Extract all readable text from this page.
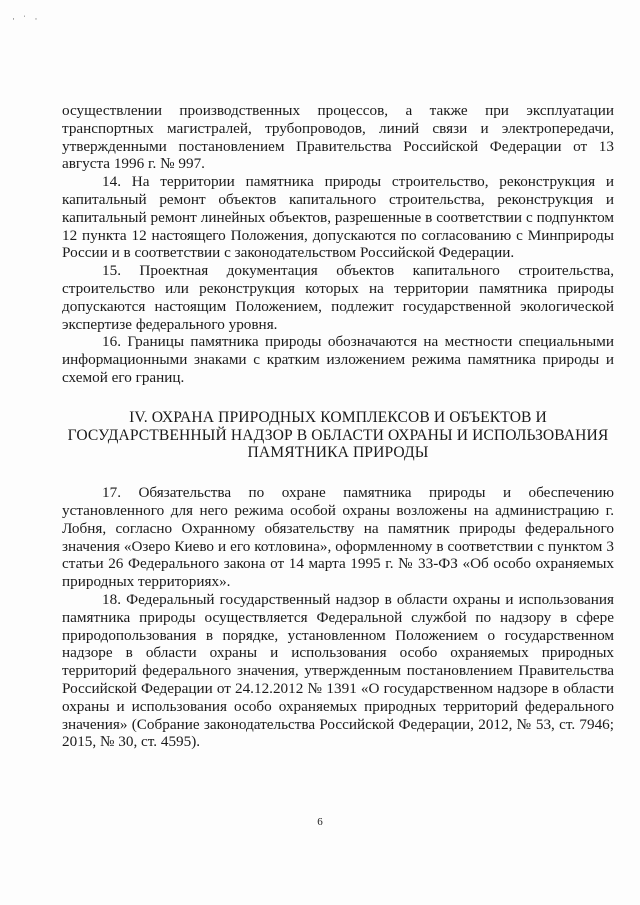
· ˈ ·

осуществлении производственных процессов, а также при эксплуатации транспортных магистралей, трубопроводов, линий связи и электропередачи, утвержденными постановлением Правительства Российской Федерации от 13 августа 1996 г. № 997.

14. На территории памятника природы строительство, реконструкция и капитальный ремонт объектов капитального строительства, реконструкция и капитальный ремонт линейных объектов, разрешенные в соответствии с подпунктом 12 пункта 12 настоящего Положения, допускаются по согласованию с Минприроды России и в соответствии с законодательством Российской Федерации.

15. Проектная документация объектов капитального строительства, строительство или реконструкция которых на территории памятника природы допускаются настоящим Положением, подлежит государственной экологической экспертизе федерального уровня.

16. Границы памятника природы обозначаются на местности специальными информационными знаками с кратким изложением режима памятника природы и схемой его границ.

IV. ОХРАНА ПРИРОДНЫХ КОМПЛЕКСОВ И ОБЪЕКТОВ И
ГОСУДАРСТВЕННЫЙ НАДЗОР В ОБЛАСТИ ОХРАНЫ И ИСПОЛЬЗОВАНИЯ
ПАМЯТНИКА ПРИРОДЫ

17. Обязательства по охране памятника природы и обеспечению установленного для него режима особой охраны возложены на администрацию г. Лобня, согласно Охранному обязательству на памятник природы федерального значения «Озеро Киево и его котловина», оформленному в соответствии с пунктом 3 статьи 26 Федерального закона от 14 марта 1995 г. № 33-ФЗ «Об особо охраняемых природных территориях».

18. Федеральный государственный надзор в области охраны и использования памятника природы осуществляется Федеральной службой по надзору в сфере природопользования в порядке, установленном Положением о государственном надзоре в области охраны и использования особо охраняемых природных территорий федерального значения, утвержденным постановлением Правительства Российской Федерации от 24.12.2012 № 1391 «О государственном надзоре в области охраны и использования особо охраняемых природных территорий федерального значения» (Собрание законодательства Российской Федерации, 2012, № 53, ст. 7946; 2015, № 30, ст. 4595).

6
